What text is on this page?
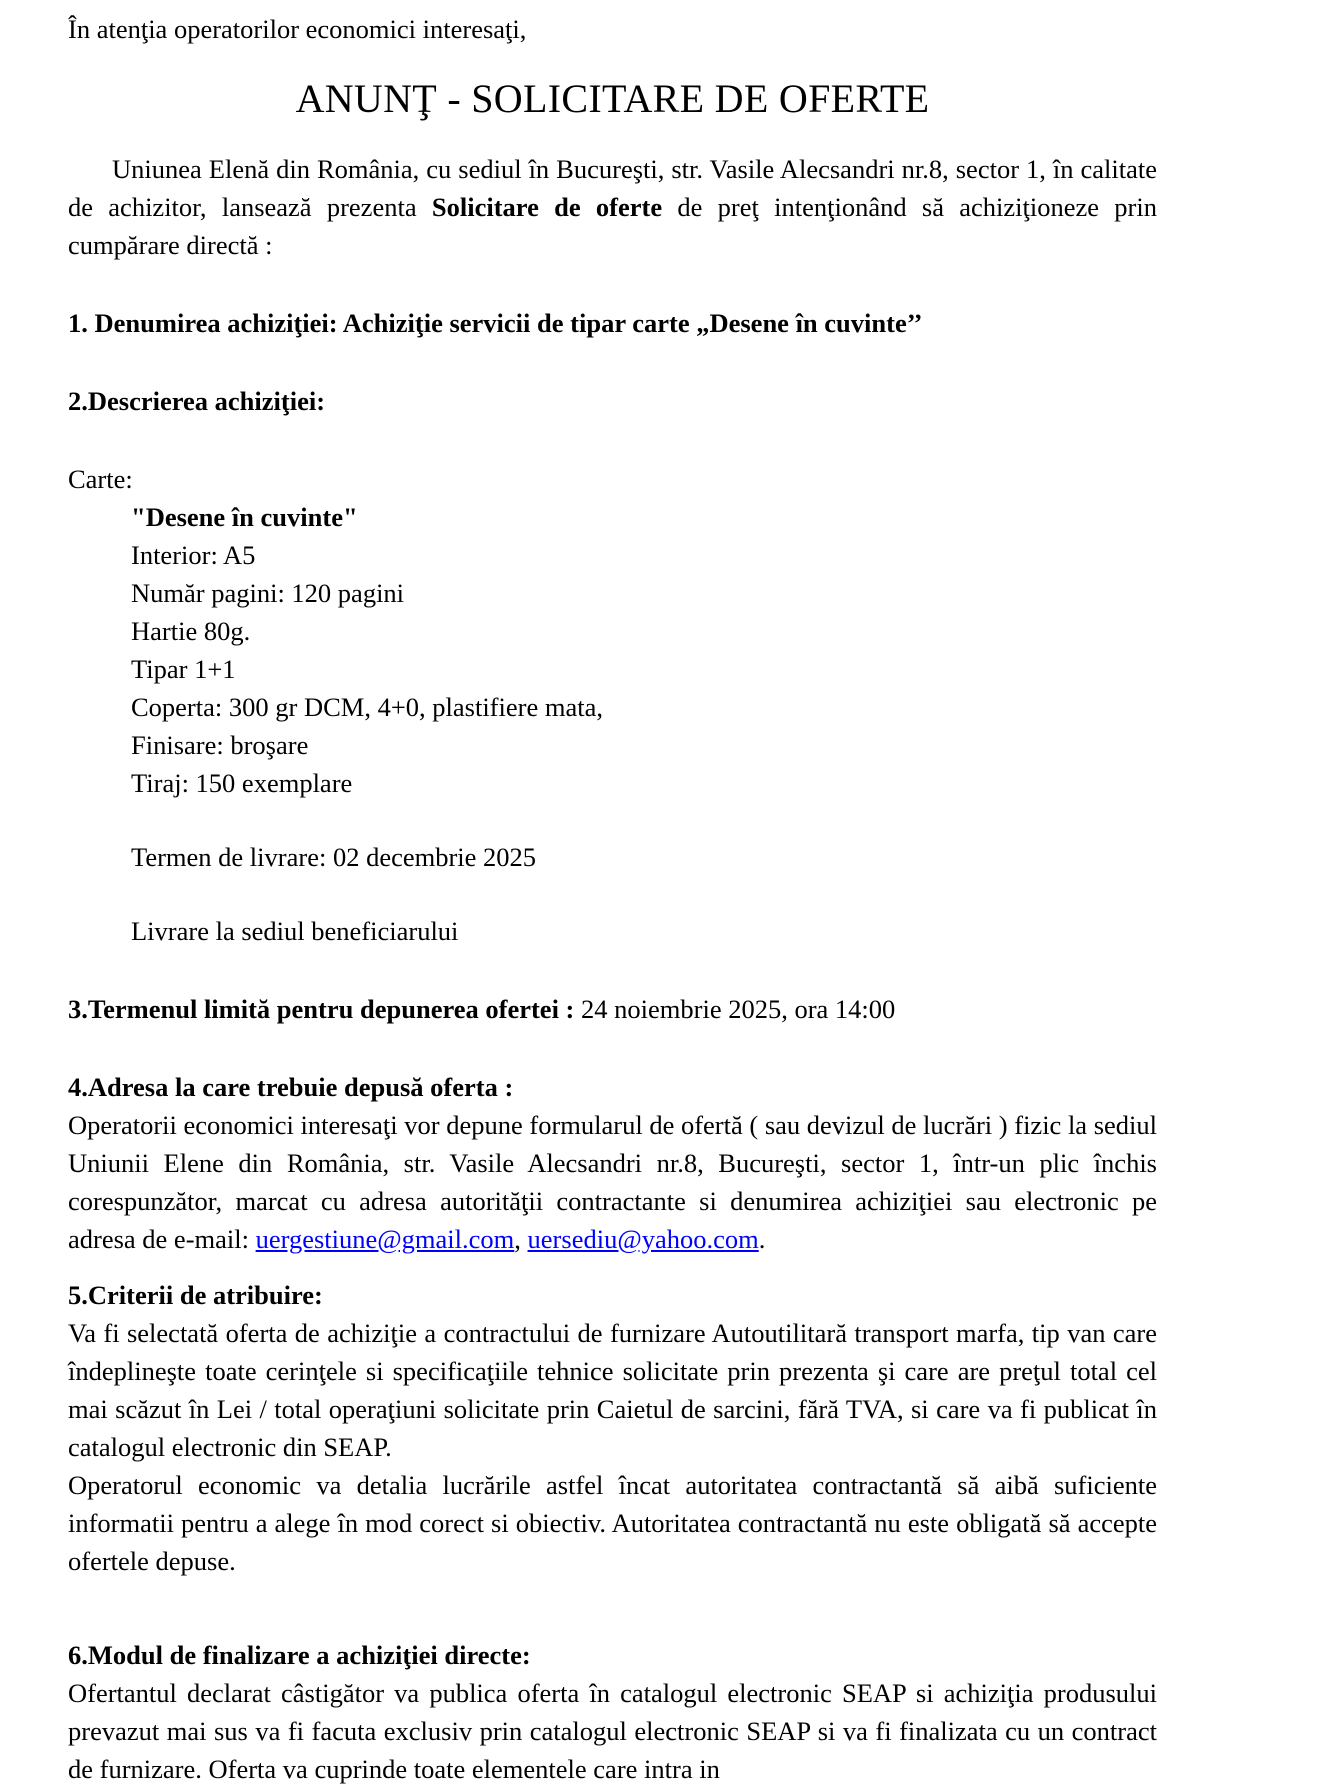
În atenţia operatorilor economici interesaţi,

ANUNŢ - SOLICITARE DE OFERTE

Uniunea Elenă din România, cu sediul în Bucureşti, str. Vasile Alecsandri nr.8, sector 1, în calitate de achizitor, lansează prezenta Solicitare de oferte de preţ intenţionând să achiziţioneze prin cumpărare directă :

1. Denumirea achiziţiei: Achiziţie servicii de tipar carte „Desene în cuvinte’’

2.Descrierea achiziţiei:

Carte:

"Desene în cuvinte"

Interior: A5

Număr pagini: 120 pagini

Hartie 80g.

Tipar 1+1

Coperta: 300 gr DCM, 4+0, plastifiere mata,

Finisare: broşare

Tiraj: 150 exemplare

Termen de livrare: 02 decembrie 2025

Livrare la sediul beneficiarului

3.Termenul limită pentru depunerea ofertei : 24 noiembrie 2025, ora 14:00

4.Adresa la care trebuie depusă oferta :

Operatorii economici interesaţi vor depune formularul de ofertă ( sau devizul de lucrări ) fizic la sediul Uniunii Elene din România, str. Vasile Alecsandri nr.8, Bucureşti, sector 1, într-un plic închis corespunzător, marcat cu adresa autorităţii contractante si denumirea achiziţiei sau electronic pe adresa de e-mail: uergestiune@gmail.com, uersediu@yahoo.com.

5.Criterii de atribuire:

Va fi selectată oferta de achiziţie a contractului de furnizare Autoutilitară transport marfa, tip van care îndeplineşte toate cerinţele si specificaţiile tehnice solicitate prin prezenta şi care are preţul total cel mai scăzut în Lei / total operaţiuni solicitate prin Caietul de sarcini, fără TVA, si care va fi publicat în catalogul electronic din SEAP.

Operatorul economic va detalia lucrările astfel încat autoritatea contractantă să aibă suficiente informatii pentru a alege în mod corect si obiectiv. Autoritatea contractantă nu este obligată să accepte ofertele depuse.

6.Modul de finalizare a achiziţiei directe:

Ofertantul declarat câstigător va publica oferta în catalogul electronic SEAP si achiziţia produsului prevazut mai sus va fi facuta exclusiv prin catalogul electronic SEAP si va fi finalizata cu un contract de furnizare. Oferta va cuprinde toate elementele care intra in
